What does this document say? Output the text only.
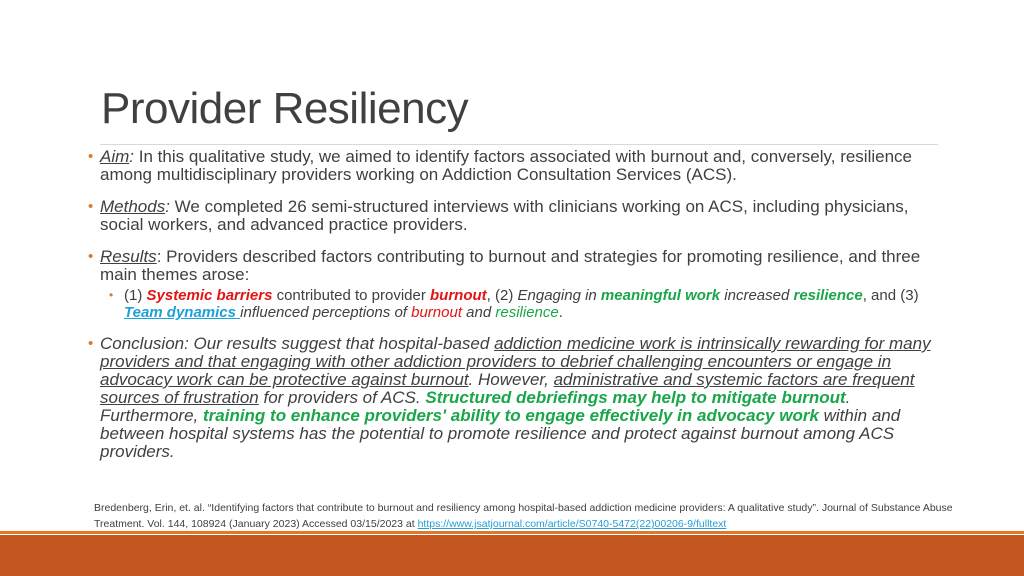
Provider Resiliency
• Aim: In this qualitative study, we aimed to identify factors associated with burnout and, conversely, resilience among multidisciplinary providers working on Addiction Consultation Services (ACS).
• Methods: We completed 26 semi-structured interviews with clinicians working on ACS, including physicians, social workers, and advanced practice providers.
• Results: Providers described factors contributing to burnout and strategies for promoting resilience, and three main themes arose:
• (1) Systemic barriers contributed to provider burnout, (2) Engaging in meaningful work increased resilience, and (3) Team dynamics influenced perceptions of burnout and resilience.
• Conclusion: Our results suggest that hospital-based addiction medicine work is intrinsically rewarding for many providers and that engaging with other addiction providers to debrief challenging encounters or engage in advocacy work can be protective against burnout. However, administrative and systemic factors are frequent sources of frustration for providers of ACS. Structured debriefings may help to mitigate burnout. Furthermore, training to enhance providers' ability to engage effectively in advocacy work within and between hospital systems has the potential to promote resilience and protect against burnout among ACS providers.
Bredenberg, Erin, et. al. “Identifying factors that contribute to burnout and resiliency among hospital-based addiction medicine providers: A qualitative study”. Journal of Substance Abuse Treatment. Vol. 144, 108924 (January 2023) Accessed 03/15/2023 at https://www.jsatjournal.com/article/S0740-5472(22)00206-9/fulltext
